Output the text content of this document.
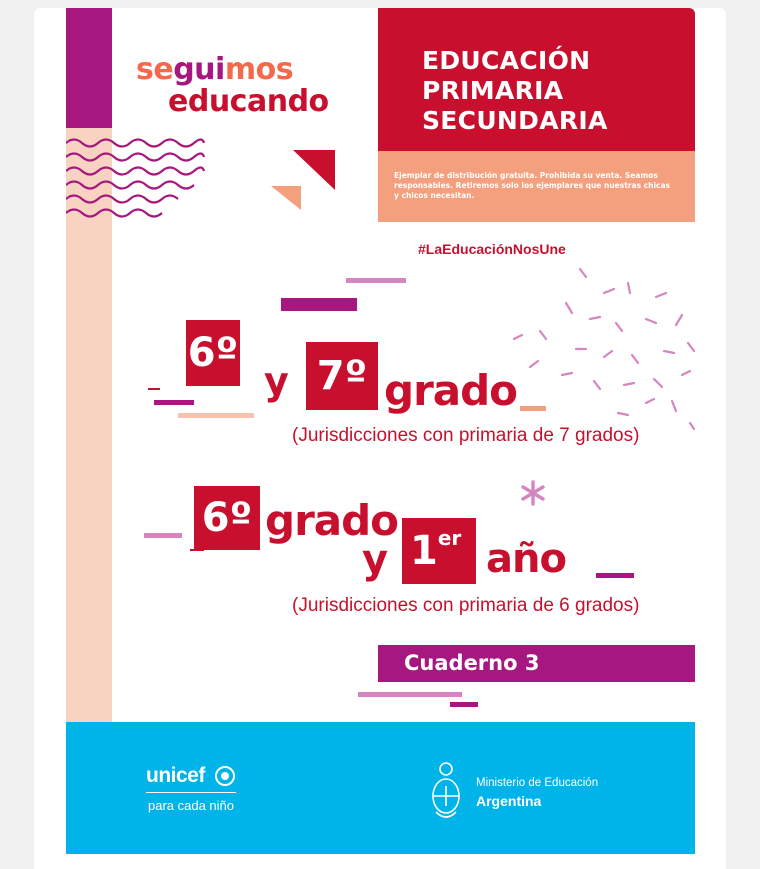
seguimos
educando
EDUCACIÓN
PRIMARIA
SECUNDARIA
Ejemplar de distribución gratuita. Prohibida su venta. Seamos responsables. Retiremos solo los ejemplares que nuestras chicas y chicos necesitan.
#LaEducaciónNosUne
6º
y 7º grado
(Jurisdicciones con primaria de 7 grados)
6º grado
y 1er año
(Jurisdicciones con primaria de 6 grados)
Cuaderno 3
unicef
para cada niño
Ministerio de Educación
Argentina
